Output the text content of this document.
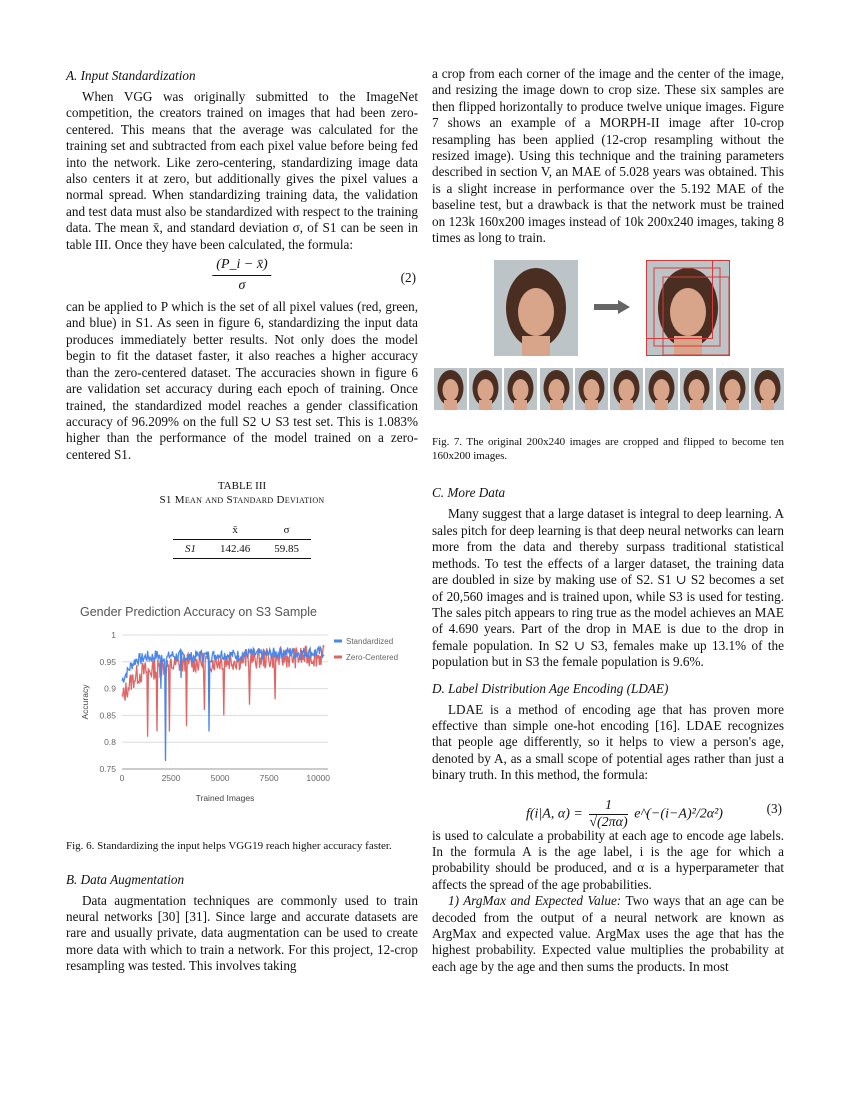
A. Input Standardization

When VGG was originally submitted to the ImageNet competition, the creators trained on images that had been zero-centered. This means that the average was calculated for the training set and subtracted from each pixel value before being fed into the network. Like zero-centering, standardizing image data also centers it at zero, but additionally gives the pixel values a normal spread. When standardizing training data, the validation and test data must also be standardized with respect to the training data. The mean x̄, and standard deviation σ, of S1 can be seen in table III. Once they have been calculated, the formula:

$\frac{(P\_i - x̄)}{\sigma}$	(2)

can be applied to P which is the set of all pixel values (red, green, and blue) in S1. As seen in figure 6, standardizing the input data produces immediately better results. Not only does the model begin to fit the dataset faster, it also reaches a higher accuracy than the zero-centered dataset. The accuracies shown in figure 6 are validation set accuracy during each epoch of training. Once trained, the standardized model reaches a gender classification accuracy of 96.209% on the full S2 ∪ S3 test set. This is 1.083% higher than the performance of the model trained on a zero-centered S1.

TABLE III
S1 Mean and Standard Deviation
	x̄	σ
S1	142.46	59.85
Gender Prediction Accuracy on S3 Sample
0.75
0.8
0.85
0.9
0.95
1
0	2500	5000	7500	10000
Trained Images
Accuracy
Standardized
Zero-Centered

Fig. 6. Standardizing the input helps VGG19 reach higher accuracy faster.

B. Data Augmentation

Data augmentation techniques are commonly used to train neural networks [30] [31]. Since large and accurate datasets are rare and usually private, data augmentation can be used to create more data with which to train a network. For this project, 12-crop resampling was tested. This involves taking

a crop from each corner of the image and the center of the image, and resizing the image down to crop size. These six samples are then flipped horizontally to produce twelve unique images. Figure 7 shows an example of a MORPH-II image after 10-crop resampling has been applied (12-crop resampling without the resized image). Using this technique and the training parameters described in section V, an MAE of 5.028 years was obtained. This is a slight increase in performance over the 5.192 MAE of the baseline test, but a drawback is that the network must be trained on 123k 160x200 images instead of 10k 200x240 images, taking 8 times as long to train.

Fig. 7. The original 200x240 images are cropped and flipped to become ten 160x200 images.

C. More Data

Many suggest that a large dataset is integral to deep learning. A sales pitch for deep learning is that deep neural networks can learn more from the data and thereby surpass traditional statistical methods. To test the effects of a larger dataset, the training data are doubled in size by making use of S2. S1 ∪ S2 becomes a set of 20,560 images and is trained upon, while S3 is used for testing. The sales pitch appears to ring true as the model achieves an MAE of 4.690 years. Part of the drop in MAE is due to the drop in female population. In S2 ∪ S3, females make up 13.1% of the population but in S3 the female population is 9.6%.

D. Label Distribution Age Encoding (LDAE)

LDAE is a method of encoding age that has proven more effective than simple one-hot encoding [16]. LDAE recognizes that people age differently, so it helps to view a person's age, denoted by A, as a small scope of potential ages rather than just a binary truth. In this method, the formula:

f(i|A, $\alpha) = \frac{1}{√(2\pi\alpha)}$ e^(−(i−A)²/2α²)	(3)

is used to calculate a probability at each age to encode age labels. In the formula A is the age label, i is the age for which a probability should be produced, and α is a hyperparameter that affects the spread of the age probabilities.

1) ArgMax and Expected Value: Two ways that an age can be decoded from the output of a neural network are known as ArgMax and expected value. ArgMax uses the age that has the highest probability. Expected value multiplies the probability at each age by the age and then sums the products. In most
